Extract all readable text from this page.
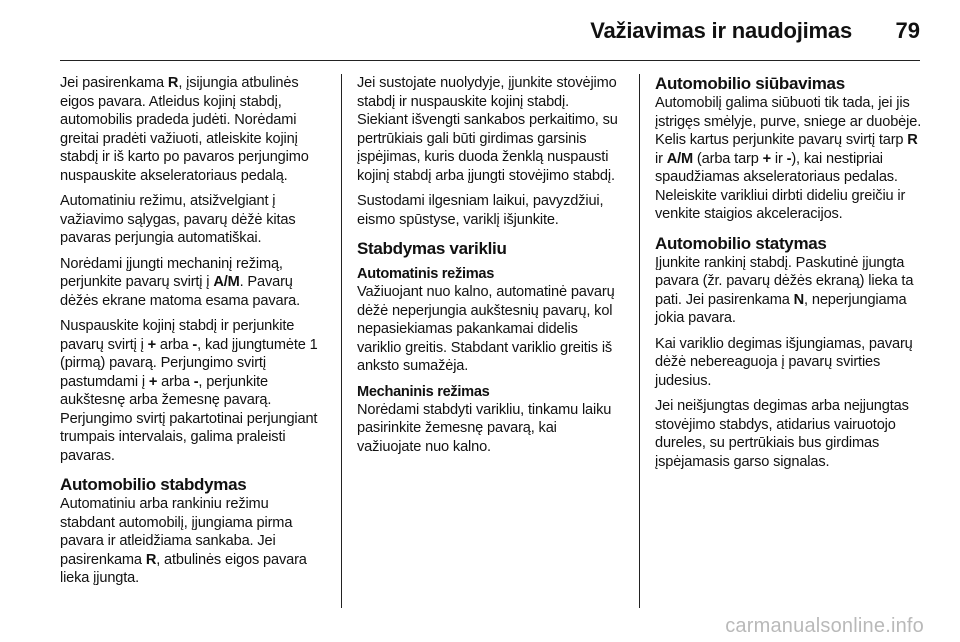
Važiavimas ir naudojimas 79

Jei pasirenkama R, įsijungia atbulinės eigos pavara. Atleidus kojinį stabdį, automobilis pradeda judėti. Norėdami greitai pradėti važiuoti, atleiskite kojinį stabdį ir iš karto po pavaros perjungimo nuspauskite akseleratoriaus pedalą.

Automatiniu režimu, atsižvelgiant į važiavimo sąlygas, pavarų dėžė kitas pavaras perjungia automatiškai.

Norėdami įjungti mechaninį režimą, perjunkite pavarų svirtį į A/M. Pavarų dėžės ekrane matoma esama pavara.

Nuspauskite kojinį stabdį ir perjunkite pavarų svirtį į + arba -, kad įjungtumėte 1 (pirmą) pavarą. Perjungimo svirtį pastumdami į + arba -, perjunkite aukštesnę arba žemesnę pavarą. Perjungimo svirtį pakartotinai perjungiant trumpais intervalais, galima praleisti pavaras.

Automobilio stabdymas

Automatiniu arba rankiniu režimu stabdant automobilį, įjungiama pirma pavara ir atleidžiama sankaba. Jei pasirenkama R, atbulinės eigos pavara lieka įjungta.

Jei sustojate nuolydyje, įjunkite stovėjimo stabdį ir nuspauskite kojinį stabdį. Siekiant išvengti sankabos perkaitimo, su pertrūkiais gali būti girdimas garsinis įspėjimas, kuris duoda ženklą nuspausti kojinį stabdį arba įjungti stovėjimo stabdį.

Sustodami ilgesniam laikui, pavyzdžiui, eismo spūstyse, variklį išjunkite.

Stabdymas varikliu
Automatinis režimas

Važiuojant nuo kalno, automatinė pavarų dėžė neperjungia aukštesnių pavarų, kol nepasiekiamas pakankamai didelis variklio greitis. Stabdant variklio greitis iš anksto sumažėja.

Mechaninis režimas

Norėdami stabdyti varikliu, tinkamu laiku pasirinkite žemesnę pavarą, kai važiuojate nuo kalno.

Automobilio siūbavimas

Automobilį galima siūbuoti tik tada, jei jis įstrigęs smėlyje, purve, sniege ar duobėje. Kelis kartus perjunkite pavarų svirtį tarp R ir A/M (arba tarp + ir -), kai nestipriai spaudžiamas akseleratoriaus pedalas. Neleiskite varikliui dirbti dideliu greičiu ir venkite staigios akceleracijos.

Automobilio statymas

Įjunkite rankinį stabdį. Paskutinė įjungta pavara (žr. pavarų dėžės ekraną) lieka ta pati. Jei pasirenkama N, neperjungiama jokia pavara.

Kai variklio degimas išjungiamas, pavarų dėžė nebereaguoja į pavarų svirties judesius.

Jei neišjungtas degimas arba neįjungtas stovėjimo stabdys, atidarius vairuotojo dureles, su pertrūkiais bus girdimas įspėjamasis garso signalas.

carmanualsonline.info
